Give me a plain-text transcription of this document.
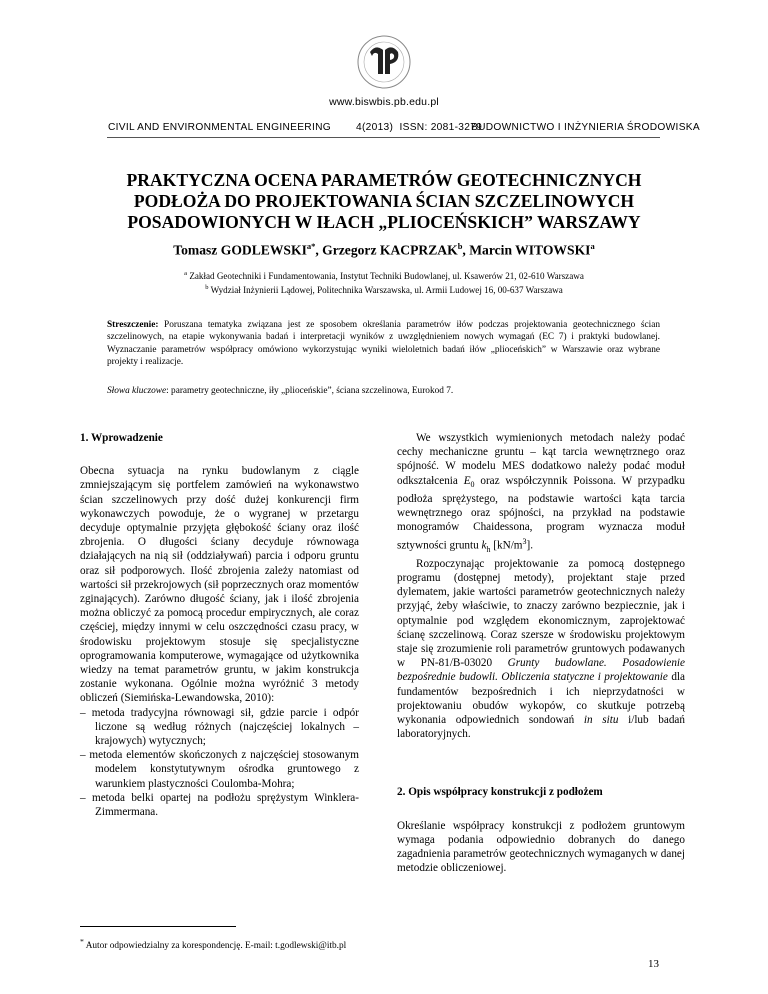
www.biswbis.pb.edu.pl
CIVIL AND ENVIRONMENTAL ENGINEERING 4(2013)  ISSN: 2081-3279
BUDOWNICTWO I INŻYNIERIA ŚRODOWISKA
PRAKTYCZNA OCENA PARAMETRÓW GEOTECHNICZNYCH
PODŁOŻA DO PROJEKTOWANIA ŚCIAN SZCZELINOWYCH
POSADOWIONYCH W IŁACH „PLIOCEŃSKICH” WARSZAWY
Tomasz $GODLEWSKI^{a*}$, Grzegorz KACPRZAK$^b$, Marcin WITOWSKI$^a$
$^a$ Zakład Geotechniki i Fundamentowania, Instytut Techniki Budowlanej, ul. Ksawerów 21, 02-610 Warszawa
$^b$ Wydział Inżynierii Lądowej, Politechnika Warszawska, ul. Armii Ludowej 16, 00-637 Warszawa
Streszczenie: Poruszana tematyka związana jest ze sposobem określania parametrów iłów podczas projektowania geotechnicznego ścian szczelinowych, na etapie wykonywania badań i interpretacji wyników z uwzględnieniem nowych wymagań (EC 7) i praktyki budowlanej. Wyznaczanie parametrów współpracy omówiono wykorzystując wyniki wieloletnich badań iłów „plioceńskich” w Warszawie oraz wybrane projekty i realizacje.
Słowa kluczowe: parametry geotechniczne, iły „plioceńskie”, ściana szczelinowa, Eurokod 7.

1. Wprowadzenie

Obecna sytuacja na rynku budowlanym z ciągle zmniejszającym się portfelem zamówień na wykonawstwo ścian szczelinowych przy dość dużej konkurencji firm wykonawczych powoduje, że o wygranej w przetargu decyduje optymalnie przyjęta głębokość ściany oraz ilość zbrojenia. O długości ściany decyduje równowaga działających na nią sił (oddziaływań) parcia i odporu gruntu oraz sił podporowych. Ilość zbrojenia zależy natomiast od wartości sił przekrojowych (sił poprzecznych oraz momentów zginających). Zarówno długość ściany, jak i ilość zbrojenia można obliczyć za pomocą procedur empirycznych, ale coraz częściej, między innymi w celu oszczędności czasu pracy, w środowisku projektowym stosuje się specjalistyczne oprogramowania komputerowe, wymagające od użytkownika wiedzy na temat parametrów gruntu, w jakim konstrukcja zostanie wykonana. Ogólnie można wyróżnić 3 metody obliczeń (Siemińska-Lewandowska, 2010):

– metoda tradycyjna równowagi sił, gdzie parcie i odpór liczone są według różnych (najczęściej lokalnych – krajowych) wytycznych;

– metoda elementów skończonych z najczęściej stosowanym modelem konstytutywnym ośrodka gruntowego z warunkiem plastyczności Coulomba-Mohra;

– metoda belki opartej na podłożu sprężystym Winklera-Zimmermana.

We wszystkich wymienionych metodach należy podać cechy mechaniczne gruntu – kąt tarcia wewnętrznego oraz spójność. W modelu MES dodatkowo należy podać moduł odkształcenia $E_0$ oraz współczynnik Poissona. W przypadku podłoża sprężystego, na podstawie wartości kąta tarcia wewnętrznego oraz spójności, na przykład na podstawie monogramów Chaidessona, program wyznacza moduł sztywności gruntu $k_h$ $[kN/m^3]$.

Rozpoczynając projektowanie za pomocą dostępnego programu (dostępnej metody), projektant staje przed dylematem, jakie wartości parametrów geotechnicznych należy przyjąć, żeby właściwie, to znaczy zarówno bezpiecznie, jak i optymalnie pod względem ekonomicznym, zaprojektować ścianę szczelinową. Coraz szersze w środowisku projektowym staje się zrozumienie roli parametrów gruntowych podawanych w PN-81/B-03020 Grunty budowlane. Posadowienie bezpośrednie budowli. Obliczenia statyczne i projektowanie dla fundamentów bezpośrednich i ich nieprzydatności w projektowaniu obudów wykopów, co skutkuje potrzebą wykonania odpowiednich sondowań in situ i/lub badań laboratoryjnych.

2. Opis współpracy konstrukcji z podłożem

Określanie współpracy konstrukcji z podłożem gruntowym wymaga podania odpowiednio dobranych do danego zagadnienia parametrów geotechnicznych wymaganych w danej metodzie obliczeniowej.

* Autor odpowiedzialny za korespondencję. E-mail: t.godlewski@itb.pl
13
